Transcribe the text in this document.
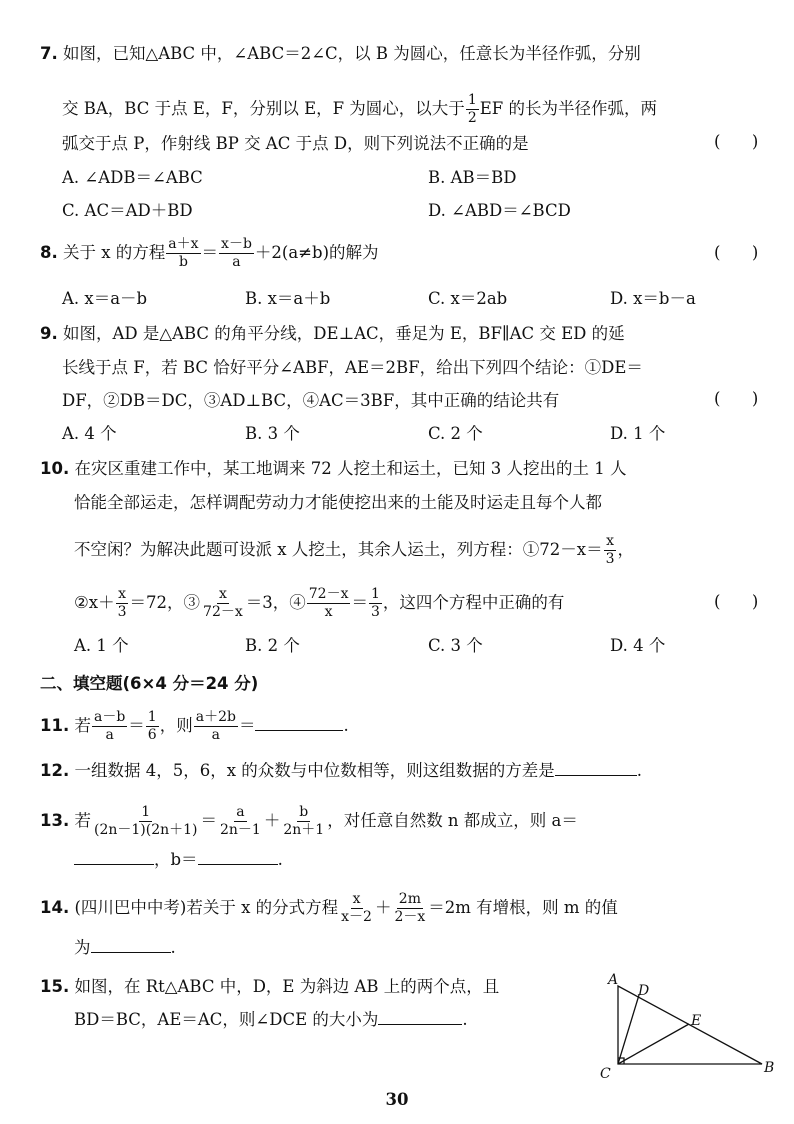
7. 如图，已知△ABC 中，∠ABC＝2∠C，以 B 为圆心，任意长为半径作弧，分别
交 BA，BC 于点 E，F，分别以 E，F 为圆心，以大于 $\frac{1}{2}$ EF 的长为半径作弧，两
弧交于点 P，作射线 BP 交 AC 于点 D，则下列说法不正确的是	(      )
A. ∠ADB＝∠ABC	B. AB＝BD
C. AC＝AD＋BD	D. ∠ABD＝∠BCD
8. 关于 x 的方程 $\frac{a+x}{b} = \frac{x-b}{a} +2(a\ne b)$的解为	(      )
A. x＝a－b	B. x＝a＋b	C. x＝2ab	D. x＝b－a
9. 如图，AD 是△ABC 的角平分线，DE⊥AC，垂足为 E，BF∥AC 交 ED 的延
长线于点 F，若 BC 恰好平分∠ABF，AE＝2BF，给出下列四个结论：①DE＝
DF，②DB＝DC，③AD⊥BC，④AC＝3BF，其中正确的结论共有	(      )
A. 4 个	B. 3 个	C. 2 个	D. 1 个
10. 在灾区重建工作中，某工地调来 72 人挖土和运土，已知 3 人挖出的土 1 人
恰能全部运走，怎样调配劳动力才能使挖出来的土能及时运走且每个人都
不空闲？为解决此题可设派 x 人挖土，其余人运土，列方程：①72－x＝ $\frac{x}{3}$ ，
②x＋ $\frac{x}{3} =72$，③ $\frac{x}{72-x} =3$，④ $\frac{72-x}{x} = \frac{1}{3}$ ，这四个方程中正确的有	(      )
A. 1 个	B. 2 个	C. 3 个	D. 4 个
二、填空题(6×4 分＝24 分)
11. 若 $\frac{a-b}{a} = \frac{1}{6}$ ，则 $\frac{a+2b}{a}$ ＝	.
12. 一组数据 4，5，6，x 的众数与中位数相等，则这组数据的方差是	.
13. 若 $\frac{1}{(2n-1)(2n+1)} = \frac{a}{2n-1} + \frac{b}{2n+1}$ ，对任意自然数 n 都成立，则 a＝
，b＝	.
14. (四川巴中中考)若关于 x 的分式方程 $\frac{x}{x-2} + \frac{2m}{2-x} =2m$ 有增根，则 m 的值
为	.
15. 如图，在 Rt△ABC 中，D，E 为斜边 AB 上的两个点，且
BD＝BC，AE＝AC，则∠DCE 的大小为	.
A
D
E
B
C
30
